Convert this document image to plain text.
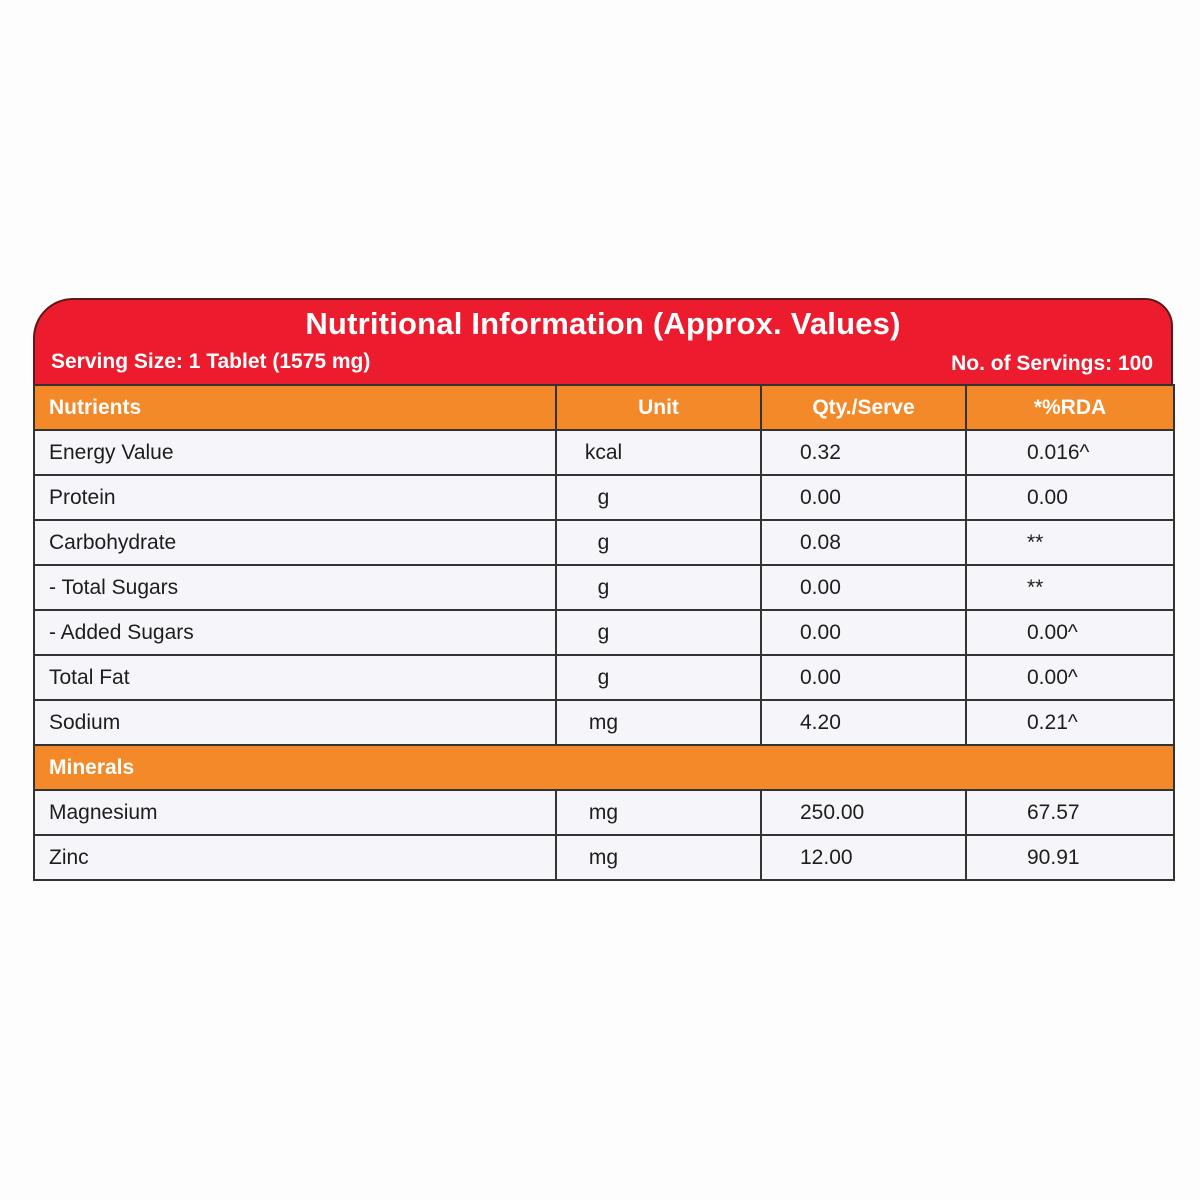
Nutritional Information (Approx. Values)
Serving Size: 1 Tablet (1575 mg)	No. of Servings: 100
Nutrients	Unit	Qty./Serve	*%RDA
Energy Value	kcal	0.32	0.016^
Protein	g	0.00	0.00
Carbohydrate	g	0.08	**
- Total Sugars	g	0.00	**
- Added Sugars	g	0.00	0.00^
Total Fat	g	0.00	0.00^
Sodium	mg	4.20	0.21^
Minerals			
Magnesium	mg	250.00	67.57
Zinc	mg	12.00	90.91
